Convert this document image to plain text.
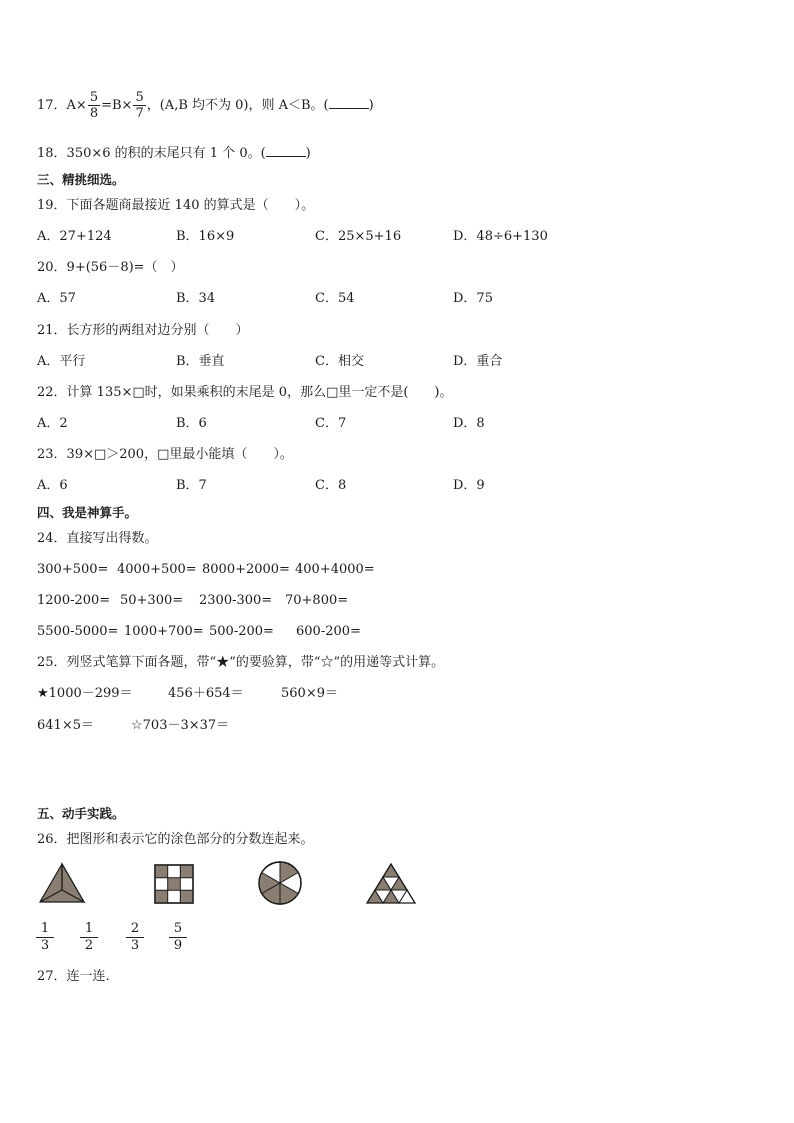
17．$A\times \frac{5}{8} =B\times \frac{5}{7}$ ，(A,B 均不为 0)，则 A＜B。(	)
18．350×6 的积的末尾只有 1 个 0。(	)
三、精挑细选。
19．下面各题商最接近 140 的算式是（　　）。
A．27+124	B．16×9	C．25×5+16	D．48÷6+130
20．9+(56－8)=（　）
A．57	B．34	C．54	D．75
21．长方形的两组对边分别（　　）
A．平行	B．垂直	C．相交	D．重合
22．计算 135×□时，如果乘积的末尾是 0，那么□里一定不是(　　)。
A．2	B．6	C．7	D．8
23．39×□＞200，□里最小能填（　　）。
A．6	B．7	C．8	D．9
四、我是神算手。
24．直接写出得数。
300+500= 4000+500= 8000+2000= 400+4000=
1200-200= 50+300= 2300-300= 70+800=
5500-5000= 1000+700= 500-200= 600-200=
25．列竖式笔算下面各题，带“★”的要验算，带“☆”的用递等式计算。
★1000－299＝	456＋654＝	560×9＝
641×5＝	☆703－3×37＝
五、动手实践。
26．把图形和表示它的涂色部分的分数连起来。
1
3
1
2
2
3
5
9
27．连一连.
